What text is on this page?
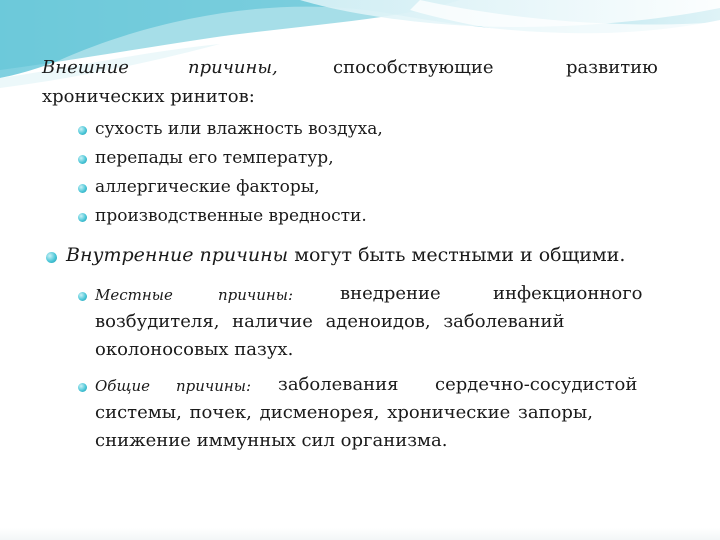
Внешние	причины,	способствующие	развитию
хронических ринитов:
сухость или влажность воздуха,
перепады его температур,
аллергические факторы,
производственные вредности.
Внутренние причины могут быть местными и общими.
Местные	причины:	внедрение	инфекционного
возбудителя, наличие аденоидов, заболеваний
околоносовых пазух.
Общие причины: заболевания сердечно-сосудистой
системы, почек, дисменорея, хронические запоры,
снижение иммунных сил организма.
